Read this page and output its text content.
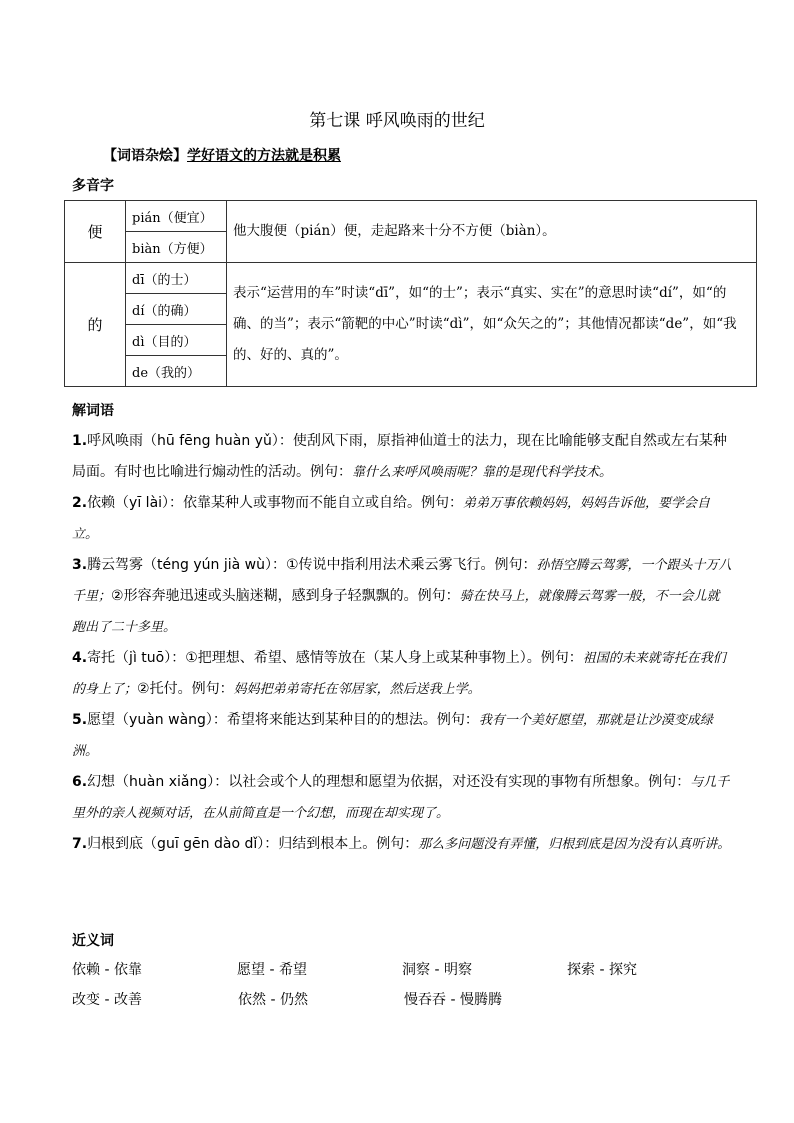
第七课 呼风唤雨的世纪
【词语杂烩】学好语文的方法就是积累
多音字
便	pián（便宜）	他大腹便（pián）便，走起路来十分不方便（biàn）。
	biàn（方便）	
的	dī（的士）	表示“运营用的车”时读“dī”，如“的士”；表示“真实、实在”的意思时读“dí”，如“的确、的当”；表示“箭靶的中心”时读“dì”，如“众矢之的”；其他情况都读“de”，如“我的、好的、真的”。
	dí（的确）	
	dì（目的）	
	de（我的）	
解词语

1.呼风唤雨（hū fēng huàn yǔ）：使刮风下雨，原指神仙道士的法力，现在比喻能够支配自然或左右某种局面。有时也比喻进行煽动性的活动。例句：靠什么来呼风唤雨呢？靠的是现代科学技术。

2.依赖（yī lài）：依靠某种人或事物而不能自立或自给。例句：弟弟万事依赖妈妈，妈妈告诉他，要学会自立。

3.腾云驾雾（téng yún jià wù）：①传说中指利用法术乘云雾飞行。例句：孙悟空腾云驾雾，一个跟头十万八千里；②形容奔驰迅速或头脑迷糊，感到身子轻飘飘的。例句：骑在快马上，就像腾云驾雾一般，不一会儿就跑出了二十多里。

4.寄托（jì tuō）：①把理想、希望、感情等放在（某人身上或某种事物上）。例句：祖国的未来就寄托在我们的身上了；②托付。例句：妈妈把弟弟寄托在邻居家，然后送我上学。

5.愿望（yuàn wàng）：希望将来能达到某种目的的想法。例句：我有一个美好愿望，那就是让沙漠变成绿洲。

6.幻想（huàn xiǎng）：以社会或个人的理想和愿望为依据，对还没有实现的事物有所想象。例句：与几千里外的亲人视频对话，在从前简直是一个幻想，而现在却实现了。

7.归根到底（guī gēn dào dǐ）：归结到根本上。例句：那么多问题没有弄懂，归根到底是因为没有认真听讲。

近义词
依赖 - 依靠	愿望 - 希望	洞察 - 明察	探索 - 探究
改变 - 改善	依然 - 仍然	慢吞吞 - 慢腾腾
